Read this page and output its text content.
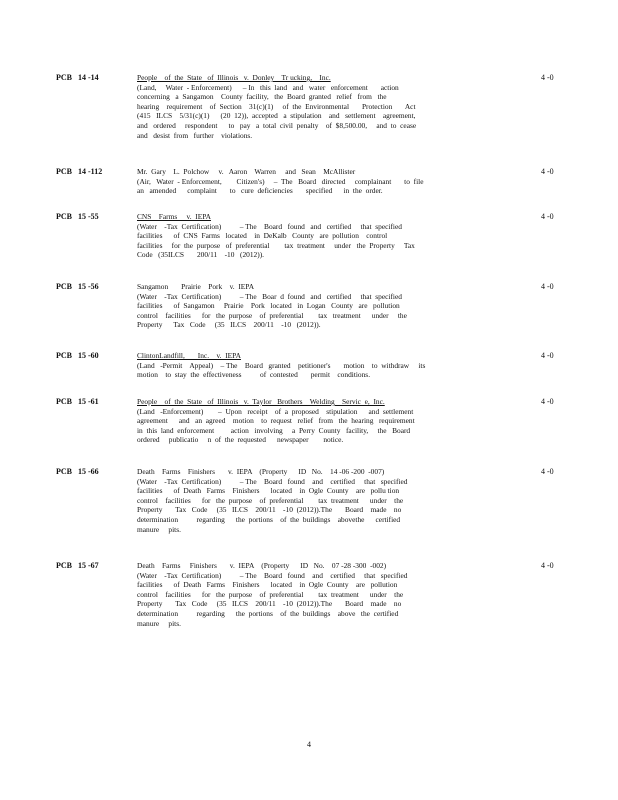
PCB   14 -14	People    of  the  State   of  Illinois   v.  Donley    Tr ucking,    Inc.
(Land,     Water  - Enforcement)      – In   this  land   and   water   enforcement       action
concerning   a  Sangamon    County  facility,   the  Board  granted   relief   from   the
hearing    requirement    of  Section    31(c)(1)     of  the  Environmental       Protection       Act
(415   ILCS    5/31(c)(1)      (20  12)),  accepted   a  stipulation    and   settlement    agreement,
and   ordered     respondent      to   pay   a  total  civil  penalty    of  $8,500.00,     and  to  cease
and   desist  from   further    violations.
4 -0
PCB   14 -112	Mr.  Gary    L.  Polchow     v.   Aaron    Warren     and   Sean    McAllister
(Air,   Water  - Enforcement,        Citizen's)     –  The   Board   directed     complainant       to  file
an   amended      complaint       to   cure  deficiencies       specified      in  the  order.
4 -0
PCB   15 -55	CNS    Farms     v.  IEPA
(Water    -Tax  Certification)          – The    Board   found   and   certified     that  specified
facilities      of  CNS  Farms   located    in  DeKalb   County   are  pollution    control
facilities     for  the  purpose   of  preferential        tax  treatment     under   the  Property     Tax
Code   (35ILCS       200/11    -10   (2012)).
4 -0
PCB   15 -56	Sangamon       Prairie    Pork    v.  IEPA
(Water    -Tax  Certification)          – The   Boar  d  found   and   certified     that  specified
facilities      of  Sangamon     Prairie    Pork   located   in  Logan   County   are   pollution
control    facilities      for   the  purpose    of  preferential        tax   treatment      under     the
Property      Tax   Code     (35   ILCS    200/11    -10   (2012)).
4 -0
PCB   15 -60	ClintonLandfill,       Inc.    v.  IEPA
(Land   -Permit    Appeal)    – The    Board   granted    petitioner's       motion    to  withdraw     its
motion    to  stay  the  effectiveness          of  contested       permit    conditions.
4 -0
PCB   15 -61	People    of  the  State   of  Illinois   v.  Taylor   Brothers    Welding    Servic  e,  Inc.
(Land   -Enforcement)        –  Upon   receipt    of  a  proposed    stipulation      and  settlement
agreement      and   an  agreed    motion    to  request   relief   from   the  hearing   requirement
in  this  land  enforcement         action   involving     a  Perry  County   facility,     the   Board
ordered     publicatio     n  of  the  requested      newspaper        notice.
4 -0
PCB   15 -66	Death    Farms    Finishers       v.  IEPA    (Property      ID   No.    14 -06 -200  -007)
(Water    -Tax  Certification)          – The    Board   found    and    certified     that   specified
facilities      of  Death   Farms    Finishers      located    in  Ogle  County    are   pollu tion
control    facilities      for   the  purpose    of  preferential        tax  treatment      under    the
Property       Tax   Code     (35   ILCS    200/11    -10  (2012)).The       Board    made    no
determination          regarding      the  portions    of  the  buildings    abovethe      certified
manure     pits.
4 -0
PCB   15 -67	Death    Farms     Finishers       v.  IEPA    (Property      ID   No.    07 -28 -300  -002)
(Water    -Tax  Certification)          – The    Board   found    and    certified     that   specified
facilities      of  Death   Farms    Finishers      located    in  Ogle  County    are   pollution
control    facilities      for   the  purpose    of  preferential        tax  treatment      under    the
Property       Tax   Code     (35   ILCS    200/11    -10  (2012)).The       Board    made    no
determination          regarding      the  portions    of  the  buildings    above   the  certified
manure     pits.
4 -0
4
